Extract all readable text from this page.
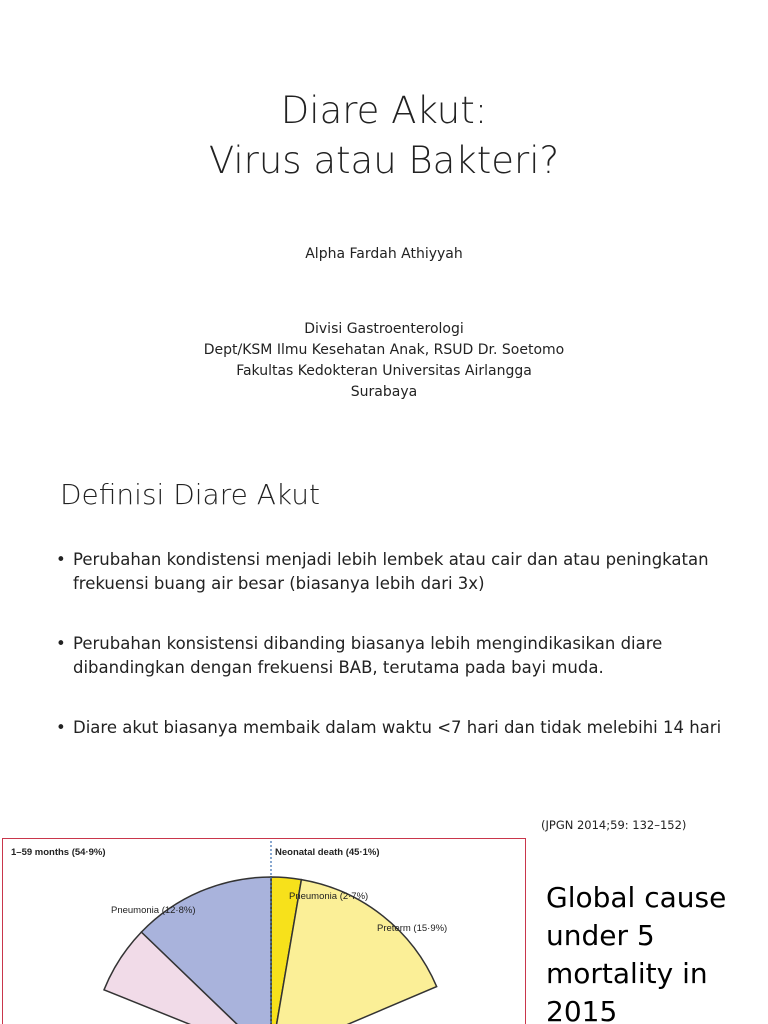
Diare Akut:
Virus atau Bakteri?
Alpha Fardah Athiyyah
Divisi Gastroenterologi
Dept/KSM Ilmu Kesehatan Anak, RSUD Dr. Soetomo
Fakultas Kedokteran Universitas Airlangga
Surabaya
Definisi Diare Akut
• Perubahan kondistensi menjadi lebih lembek atau cair dan atau peningkatan frekuensi buang air besar (biasanya lebih dari 3x)
• Perubahan konsistensi dibanding biasanya lebih mengindikasikan diare dibandingkan dengan frekuensi BAB, terutama pada bayi muda.
• Diare akut biasanya membaik dalam waktu <7 hari dan tidak melebihi 14 hari
(JPGN 2014;59: 132–152)
1–59 months (54·9%)	Neonatal death (45·1%)
Pneumonia (12·8%)
Pneumonia (2·7%)
Preterm (15·9%)
Global cause
under 5
mortality in
2015
